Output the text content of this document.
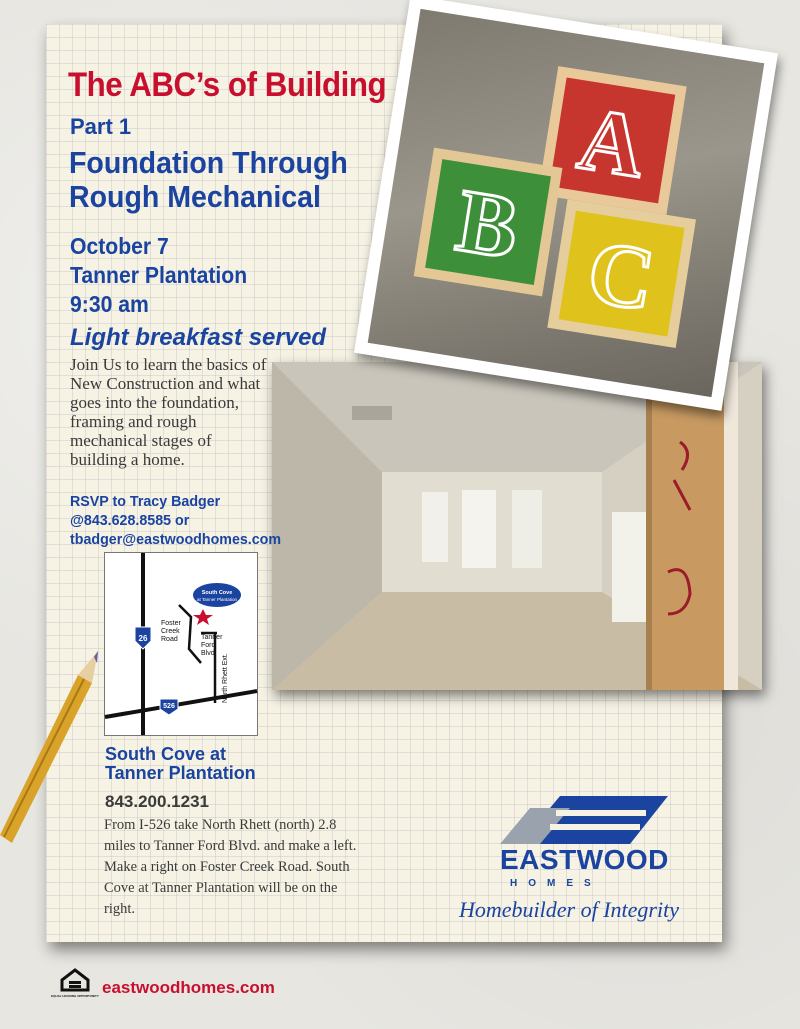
A
B C
The ABC’s of Building
Part 1
Foundation Through
Rough Mechanical
October 7
Tanner Plantation
9:30 am
Light breakfast served
Join Us to learn the basics of New Construction and what goes into the foundation, framing and rough mechanical stages of building a home.
RSVP to Tracy Badger
@843.628.8585 or
tbadger@eastwoodhomes.com
26
526
South Cove
at Tanner Plantation
Foster
Creek
Road	Tanner
Ford
Blvd. North Rhett Ext.
South Cove at
Tanner Plantation
843.200.1231
From I-526 take North Rhett (north) 2.8 miles to Tanner Ford Blvd. and make a left. Make a right on Foster Creek Road. South Cove at Tanner Plantation will be on the right.
EASTWOOD
HOMES
Homebuilder of Integrity
EQUAL HOUSING OPPORTUNITY eastwoodhomes.com
